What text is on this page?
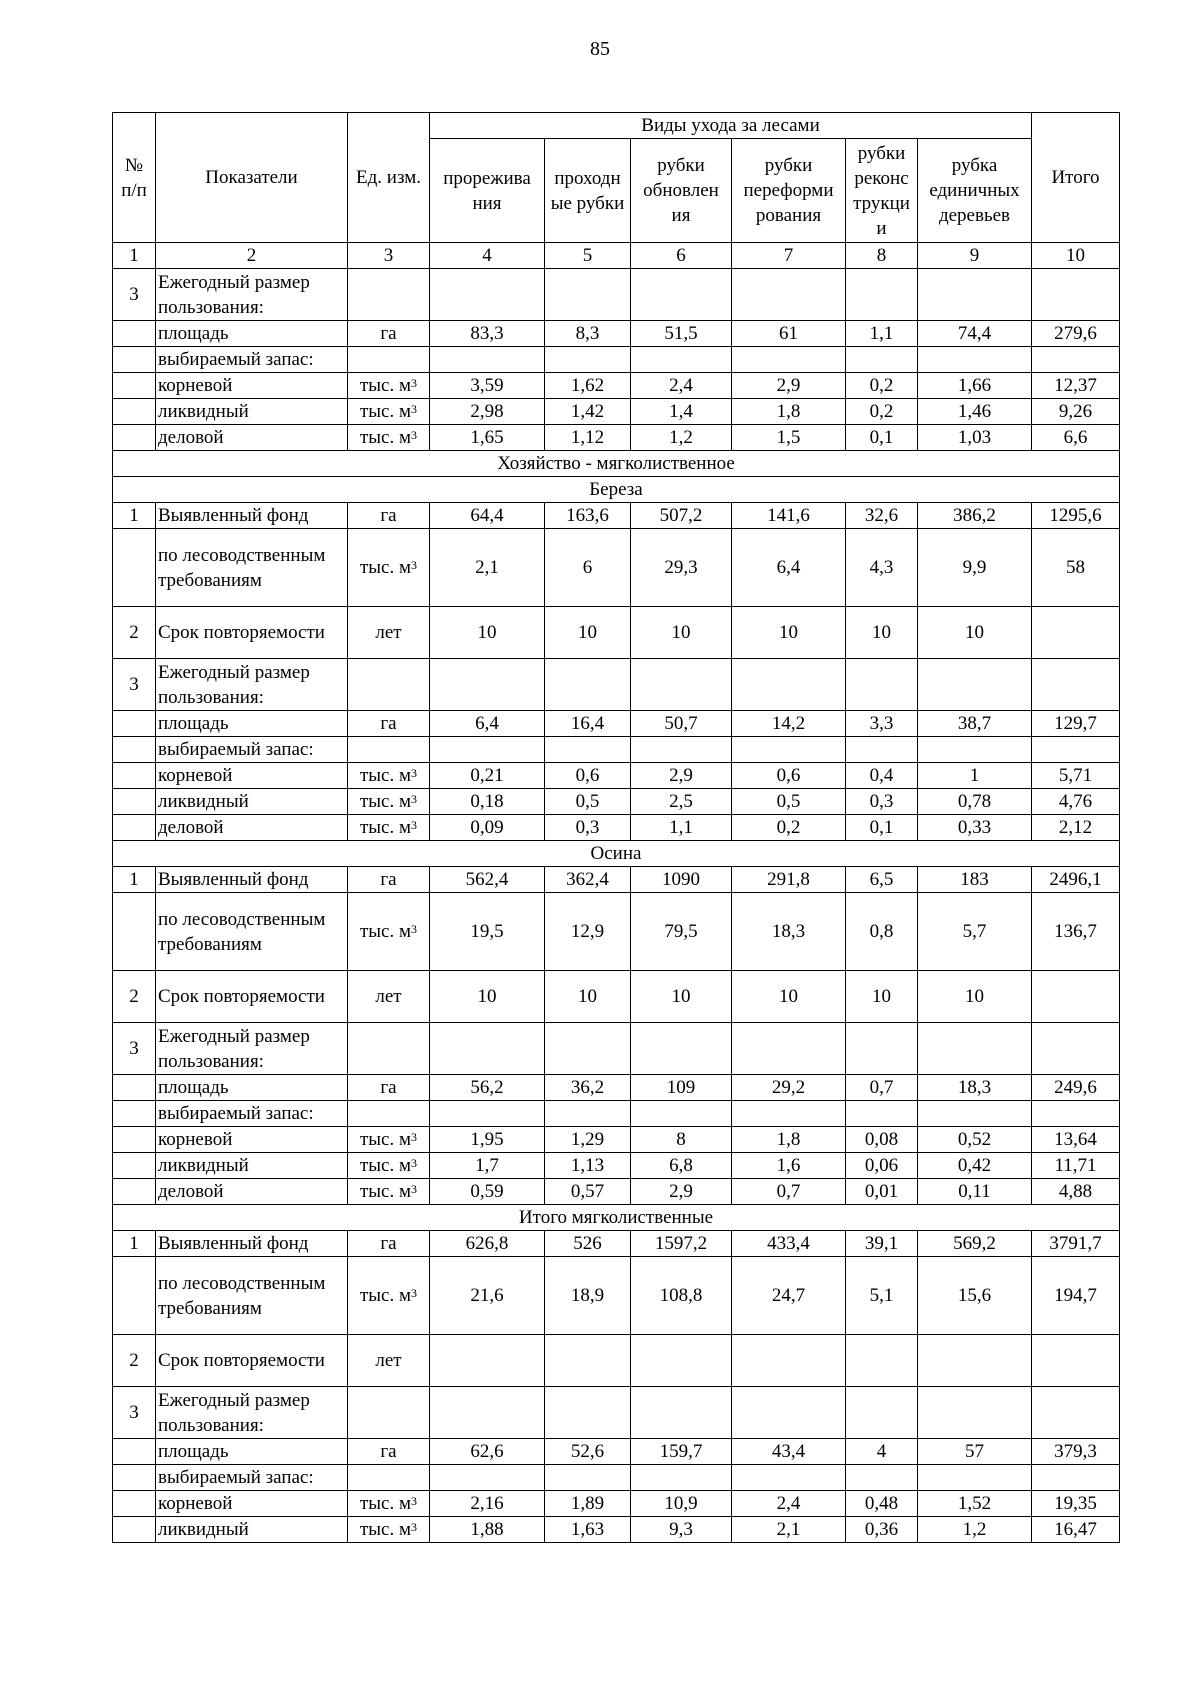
85
№ п/п	Показатели	Ед. изм.	Виды ухода за лесами						Итого
			прорежива ния	проходн ые рубки	рубки обновлен ия	рубки переформи рования	рубки реконс трукци и	рубка единичных деревьев	
1	2	3	4	5	6	7	8	9	10
3	Ежегодный размер пользования:								
	площадь	га	83,3	8,3	51,5	61	1,1	74,4	279,6
	выбираемый запас:								
	корневой	тыс. $м^3$	3,59	1,62	2,4	2,9	0,2	1,66	12,37
	ликвидный	тыс. $м^3$	2,98	1,42	1,4	1,8	0,2	1,46	9,26
	деловой	тыс. $м^3$	1,65	1,12	1,2	1,5	0,1	1,03	6,6
Хозяйство - мягколиственное									
Береза									
1	Выявленный фонд	га	64,4	163,6	507,2	141,6	32,6	386,2	1295,6
	по лесоводственным требованиям	тыс. $м^3$	2,1	6	29,3	6,4	4,3	9,9	58
2	Срок повторяемости	лет	10	10	10	10	10	10	
3	Ежегодный размер пользования:								
	площадь	га	6,4	16,4	50,7	14,2	3,3	38,7	129,7
	выбираемый запас:								
	корневой	тыс. $м^3$	0,21	0,6	2,9	0,6	0,4	1	5,71
	ликвидный	тыс. $м^3$	0,18	0,5	2,5	0,5	0,3	0,78	4,76
	деловой	тыс. $м^3$	0,09	0,3	1,1	0,2	0,1	0,33	2,12
Осина									
1	Выявленный фонд	га	562,4	362,4	1090	291,8	6,5	183	2496,1
	по лесоводственным требованиям	тыс. $м^3$	19,5	12,9	79,5	18,3	0,8	5,7	136,7
2	Срок повторяемости	лет	10	10	10	10	10	10	
3	Ежегодный размер пользования:								
	площадь	га	56,2	36,2	109	29,2	0,7	18,3	249,6
	выбираемый запас:								
	корневой	тыс. $м^3$	1,95	1,29	8	1,8	0,08	0,52	13,64
	ликвидный	тыс. $м^3$	1,7	1,13	6,8	1,6	0,06	0,42	11,71
	деловой	тыс. $м^3$	0,59	0,57	2,9	0,7	0,01	0,11	4,88
Итого мягколиственные									
1	Выявленный фонд	га	626,8	526	1597,2	433,4	39,1	569,2	3791,7
	по лесоводственным требованиям	тыс. $м^3$	21,6	18,9	108,8	24,7	5,1	15,6	194,7
2	Срок повторяемости	лет							
3	Ежегодный размер пользования:								
	площадь	га	62,6	52,6	159,7	43,4	4	57	379,3
	выбираемый запас:								
	корневой	тыс. $м^3$	2,16	1,89	10,9	2,4	0,48	1,52	19,35
	ликвидный	тыс. $м^3$	1,88	1,63	9,3	2,1	0,36	1,2	16,47
